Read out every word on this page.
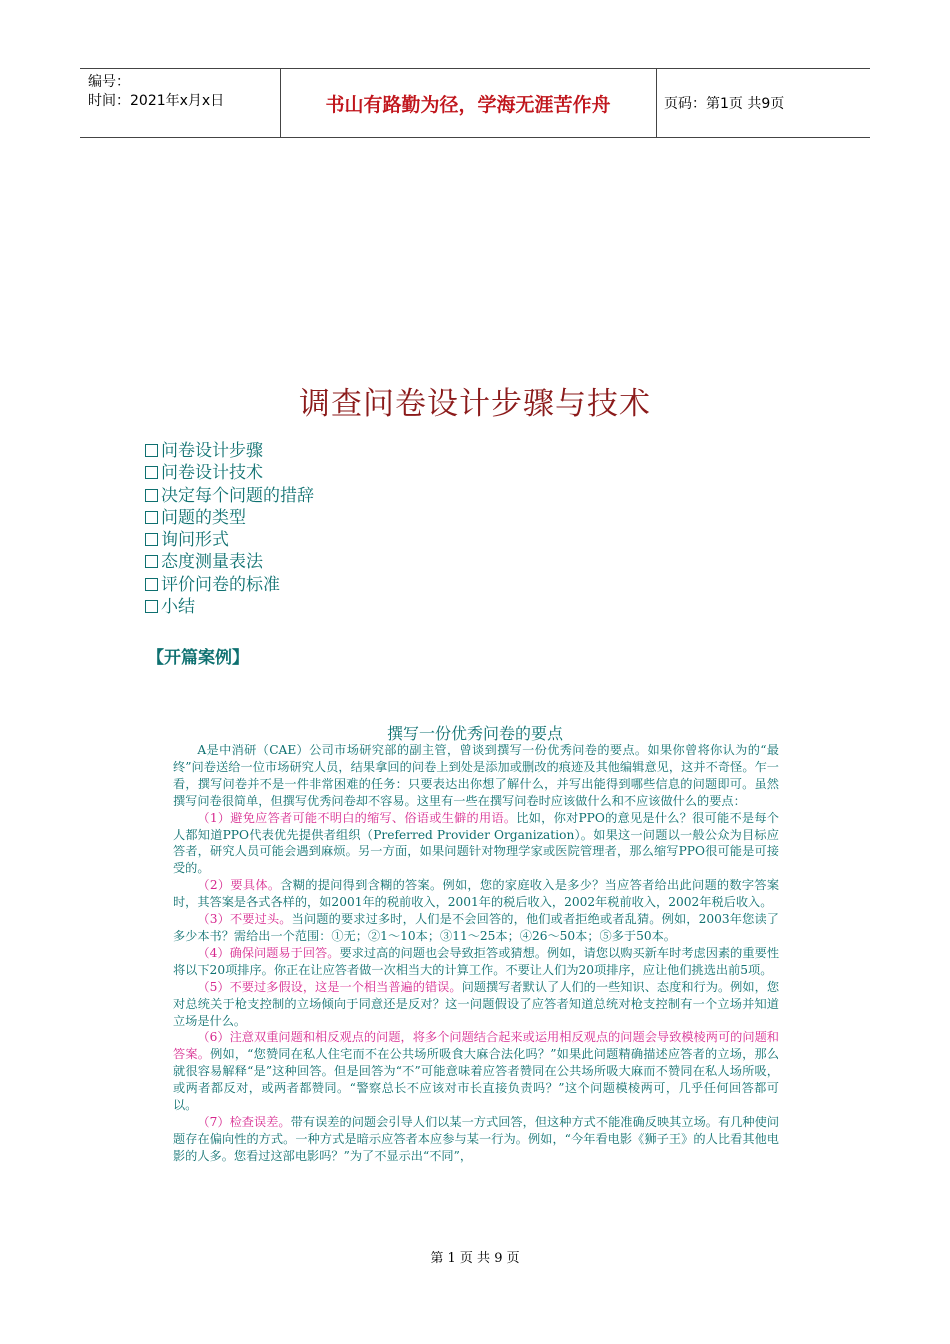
编号：
时间：2021年x月x日	书山有路勤为径，学海无涯苦作舟	页码：第1页 共9页
调查问卷设计步骤与技术
问卷设计步骤
问卷设计技术
决定每个问题的措辞
问题的类型
询问形式
态度测量表法
评价问卷的标准
小结
【开篇案例】
撰写一份优秀问卷的要点

A是中消研（CAE）公司市场研究部的副主管，曾谈到撰写一份优秀问卷的要点。如果你曾将你认为的“最终”问卷送给一位市场研究人员，结果拿回的问卷上到处是添加或删改的痕迹及其他编辑意见，这并不奇怪。乍一看，撰写问卷并不是一件非常困难的任务：只要表达出你想了解什么，并写出能得到哪些信息的问题即可。虽然撰写问卷很简单，但撰写优秀问卷却不容易。这里有一些在撰写问卷时应该做什么和不应该做什么的要点：

（1）避免应答者可能不明白的缩写、俗语或生僻的用语。比如，你对PPO的意见是什么？很可能不是每个人都知道PPO代表优先提供者组织（Preferred Provider Organization）。如果这一问题以一般公众为目标应答者，研究人员可能会遇到麻烦。另一方面，如果问题针对物理学家或医院管理者，那么缩写PPO很可能是可接受的。

（2）要具体。含糊的提问得到含糊的答案。例如，您的家庭收入是多少？当应答者给出此问题的数字答案时，其答案是各式各样的，如2001年的税前收入，2001年的税后收入，2002年税前收入，2002年税后收入。

（3）不要过头。当问题的要求过多时，人们是不会回答的，他们或者拒绝或者乱猜。例如，2003年您读了多少本书？需给出一个范围：①无；②1～10本；③11～25本；④26～50本；⑤多于50本。

（4）确保问题易于回答。要求过高的问题也会导致拒答或猜想。例如，请您以购买新车时考虑因素的重要性将以下20项排序。你正在让应答者做一次相当大的计算工作。不要让人们为20项排序，应让他们挑选出前5项。

（5）不要过多假设，这是一个相当普遍的错误。问题撰写者默认了人们的一些知识、态度和行为。例如，您对总统关于枪支控制的立场倾向于同意还是反对？这一问题假设了应答者知道总统对枪支控制有一个立场并知道立场是什么。

（6）注意双重问题和相反观点的问题，将多个问题结合起来或运用相反观点的问题会导致模棱两可的问题和答案。例如，“您赞同在私人住宅而不在公共场所吸食大麻合法化吗？”如果此问题精确描述应答者的立场，那么就很容易解释“是”这种回答。但是回答为“不”可能意味着应答者赞同在公共场所吸大麻而不赞同在私人场所吸，或两者都反对，或两者都赞同。“警察总长不应该对市长直接负责吗？”这个问题模棱两可，几乎任何回答都可以。

（7）检查误差。带有误差的问题会引导人们以某一方式回答，但这种方式不能准确反映其立场。有几种使问题存在偏向性的方式。一种方式是暗示应答者本应参与某一行为。例如，“今年看电影《狮子王》的人比看其他电影的人多。您看过这部电影吗？”为了不显示出“不同”，

第 1 页 共 9 页
